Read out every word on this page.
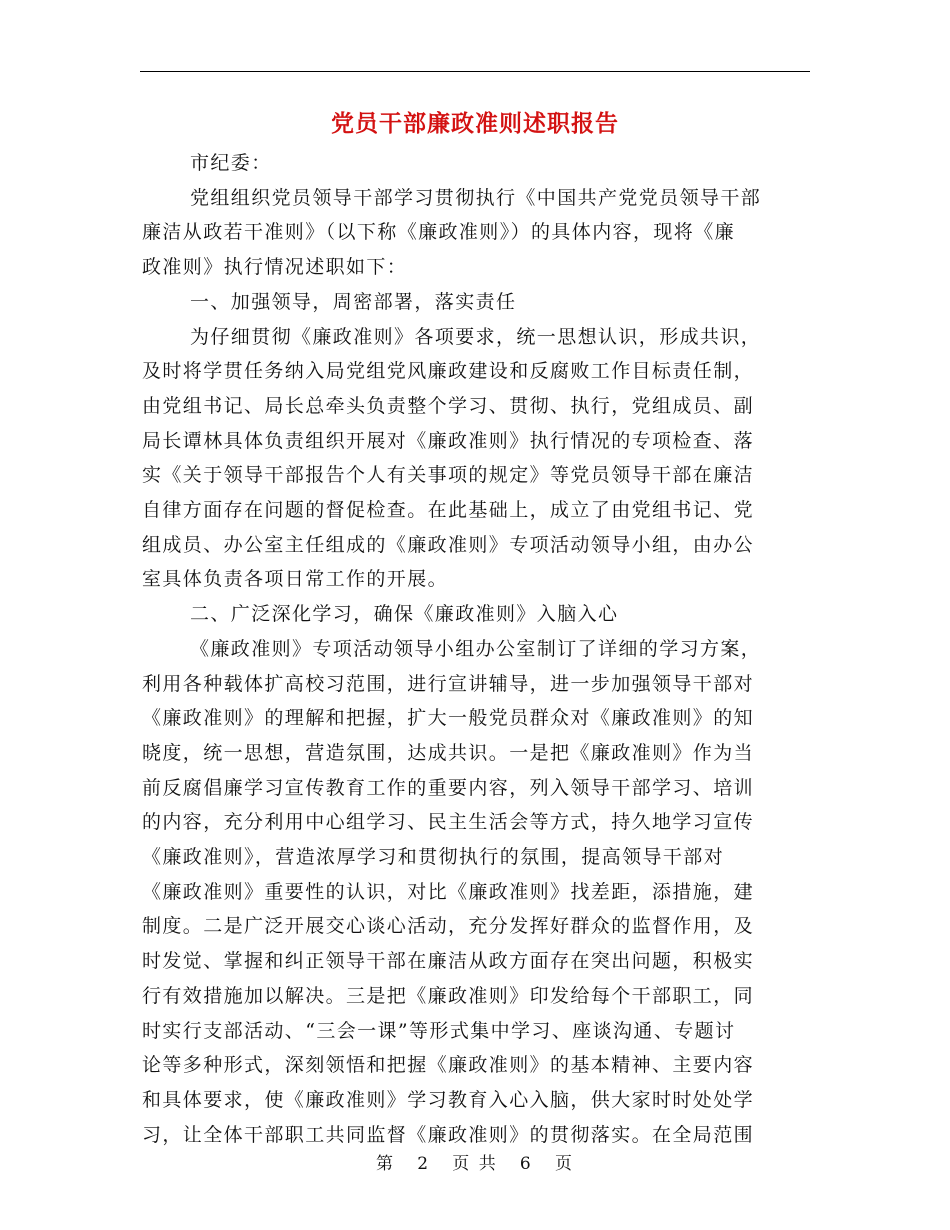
党员干部廉政准则述职报告

市纪委：

党组组织党员领导干部学习贯彻执行《中国共产党党员领导干部

廉洁从政若干准则》（以下称《廉政准则》）的具体内容，现将《廉

政准则》执行情况述职如下：

一、加强领导，周密部署，落实责任

为仔细贯彻《廉政准则》各项要求，统一思想认识，形成共识，

及时将学贯任务纳入局党组党风廉政建设和反腐败工作目标责任制，

由党组书记、局长总牵头负责整个学习、贯彻、执行，党组成员、副

局长谭林具体负责组织开展对《廉政准则》执行情况的专项检查、落

实《关于领导干部报告个人有关事项的规定》等党员领导干部在廉洁

自律方面存在问题的督促检查。在此基础上，成立了由党组书记、党

组成员、办公室主任组成的《廉政准则》专项活动领导小组，由办公

室具体负责各项日常工作的开展。

二、广泛深化学习，确保《廉政准则》入脑入心

《廉政准则》专项活动领导小组办公室制订了详细的学习方案，

利用各种载体扩高校习范围，进行宣讲辅导，进一步加强领导干部对

《廉政准则》的理解和把握，扩大一般党员群众对《廉政准则》的知

晓度，统一思想，营造氛围，达成共识。一是把《廉政准则》作为当

前反腐倡廉学习宣传教育工作的重要内容，列入领导干部学习、培训

的内容，充分利用中心组学习、民主生活会等方式，持久地学习宣传

《廉政准则》，营造浓厚学习和贯彻执行的氛围，提高领导干部对

《廉政准则》重要性的认识，对比《廉政准则》找差距，添措施，建

制度。二是广泛开展交心谈心活动，充分发挥好群众的监督作用，及

时发觉、掌握和纠正领导干部在廉洁从政方面存在突出问题，积极实

行有效措施加以解决。三是把《廉政准则》印发给每个干部职工，同

时实行支部活动、“三会一课”等形式集中学习、座谈沟通、专题讨

论等多种形式，深刻领悟和把握《廉政准则》的基本精神、主要内容

和具体要求，使《廉政准则》学习教育入心入脑，供大家时时处处学

习，让全体干部职工共同监督《廉政准则》的贯彻落实。在全局范围

第 2 页 共 6 页
